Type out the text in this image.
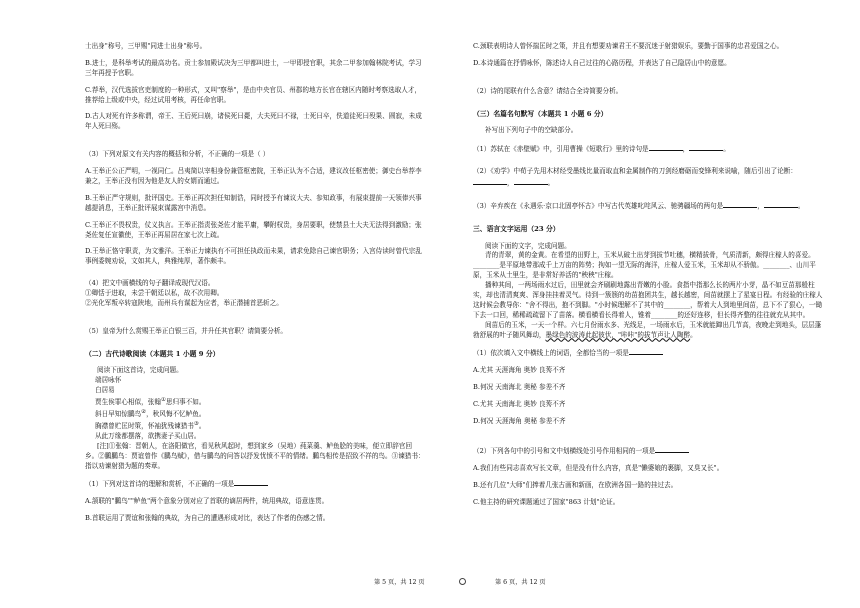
士出身"称号，三甲赐"同进士出身"称号。

B.进士，是科举考试的最高功名。贡士参加殿试决为三甲都叫进士，一甲即授官职，其余二甲参加翰林院考试，学习三年再授予官职。

C.荐举，汉代选拔官吏制度的一种形式，又叫"察举"，是由中央官员、州郡的地方长官在辖区内随时考察选取人才，推荐给上级或中央，经过试用考核，再任命官职。

D.古人对死有许多称谓，帝王、王后死曰崩，诸侯死曰薨，大夫死曰不禄，士死曰卒，佚道徒死曰殁果、圆寂，未成年人死曰殇。

（3）下列对原文有关内容的概括和分析，不正确的一项是（ ）

A.王举正公正严明，一视同仁。吕夷简以宰相身份兼管枢密院，王举正认为不合适，建议改任枢密使；御史台举荐李兼之，王举正没有因为他是友人的女婿而通过。

B.王举正严守规则，批评国史。王举正再次担任知制诰，同时授予有谏议大夫、参知政事，有展束提前一天领俸兴事越提消息，王举正批评展束谋露宫中消息。

C.王举正不畏权贵，仗义执言。王举正指责张尧佐才能平庸，攀附权贵，身居要职，使禁县土大夫无法得到激励；张尧佐复任宣徽使，王举正再屈居在家七次上疏。

D.王举正恪守职责，为文雅洋。王举正力谏执有不可担任执政而未果，请求免除自己谏官职务；入宫侍读时曾代宗乱事例委婉劝说，文如其人，典雅纯厚，著作颇丰。

（4）把文中画横线的句子翻译成现代汉语。

①卿恬于进取，未尝干朝廷以私，故不次用卿。

②光化军叛卒转寇陕地，而州兵有谋起为应者，举正潜捕首恶斩之。

（5）皇帝为什么赏赐王举正白银三百，并升任其官职？请简要分析。

（二）古代诗歌阅读（本题共 1 小题 9 分）

阅读下面这首诗，完成问题。

端居咏怀

白居易

贾生俟罪心相似，张翰①思归事不如。

斜日早知惊鵩鸟②，秋风悔不忆鲈鱼。

胸襟曾贮匡时策，怀袖犹残谏猎书③。

从此万缘都摆落，欲携妻子买山居。

[注]①张翰：晋朝人，在洛阳做官，看见秋风起时，想到家乡（吴地）莼菜羹、鲈鱼脍的美味，便立即辞官回乡。②鵩鵩鸟：贾谊曾作《鵩鸟赋》，借与鵩鸟的问答以抒发忧愤不平的情绪。鵩鸟相传是招致不祥的鸟。③谏猎书：指以劝谏射猎为题的奏章。

（1）下列对这首诗的理解和赏析，不正确的一项是

A.颔联的"鵩鸟""鲈鱼"两个意象分别对应了首联的谪居两件，统用典故，语意连贯。

B.首联运用了贾谊和张翰的典故，为自己的遭遇形成对比，表达了作者的伤感之情。

C.颈联表明诗人曾怀揣匡时之策，并且有想要劝谏君王不要沉迷于射猎娱乐，要勤于国事的忠君爱国之心。

D.本诗通篇在抒情咏怀，陈述诗人自己过往的心路历程，并表达了自己隐居山中的意愿。

（2）诗的尾联有什么含意？请结合全诗简要分析。

（三）名篇名句默写（本题共 1 小题 6 分）

补写出下列句子中的空缺部分。

（1）苏轼在《赤壁赋》中，引用曹操《短歌行》里的诗句是	，	。

（2）《劝学》中荀子先用木材经受墨线比量而取直和金属制作的刀剑经磨砺而变锋利来说喻，随后引出了论断：，	。

（3）辛弃疾在《永遇乐·京口北固亭怀古》中写古代英雄叱咤风云、驰骋疆场的两句是	，	。

三、语言文字运用（23 分）

阅读下面的文字，完成问题。

青的青翠，黄的金黄。在希望的田野上，玉米从破土出芽到拔节吐穗，横精拔骨，气质清新，颇得庄稼人的喜爱。________是平原地带那成千上万亩的阵势；拘如一望无际的海洋，庄稼人爱玉米，玉米却从不骄傲。________、山川平原，玉米从土里生，是非常好养活的"秧秧"庄稼。

播种其间，一两场雨水过后，田里就会齐刷刷地露出青嫩的小脸。食指中指那么长的两片小芽，晶不如豆苗那般柱实，却也清清爽爽、浑身挂挂着灵气。待到一簇簇的幼苗抱团共生，越长越密，间苗就摆上了星宴日程。有经验的庄稼人这时候会教导你："舍不得出，抱不到脚。"小时候理解不了其中的________，帮着大人到地里间苗，总下不了狠心，一锄下去一口回，稀稀疏疏留下了苗落。横看横看长得着人，锥着________的还好连移，但长得齐整的往往就充从其中。

间苗后的玉米，一天一个样。六七月份雨水多、光线足，一场雨水后，玉米就能蹿出几节高，夜晚走到地头，层层蓬勃舒展的叶子随风舞动，墨绿色的波涛此起彼伏，"咔咔"的拔节声让人陶醉。

（1）依次填入文中横线上的词语，全都恰当的一项是

A.尤其 天涯海角 奥妙 良莠不齐

B.何况 天南海北 奥秘 参差不齐

C.尤其 天南海北 奥妙 良莠不齐

D.何况 天涯海角 奥秘 参差不齐

（2）下列各句中的引号和文中划横线处引号作用相同的一项是

A.我们有些同志喜欢写长文章，但是没有什么内容，真是"懒婆娘的裹脚，又臭又长"。

B.还有几位"大师"们捧着几张古画和新画，在欧洲各国一路的挂过去。

C.他主持的研究课题通过了国家"863 计划"论证。

第 5 页，共 12 页	第 6 页，共 12 页
